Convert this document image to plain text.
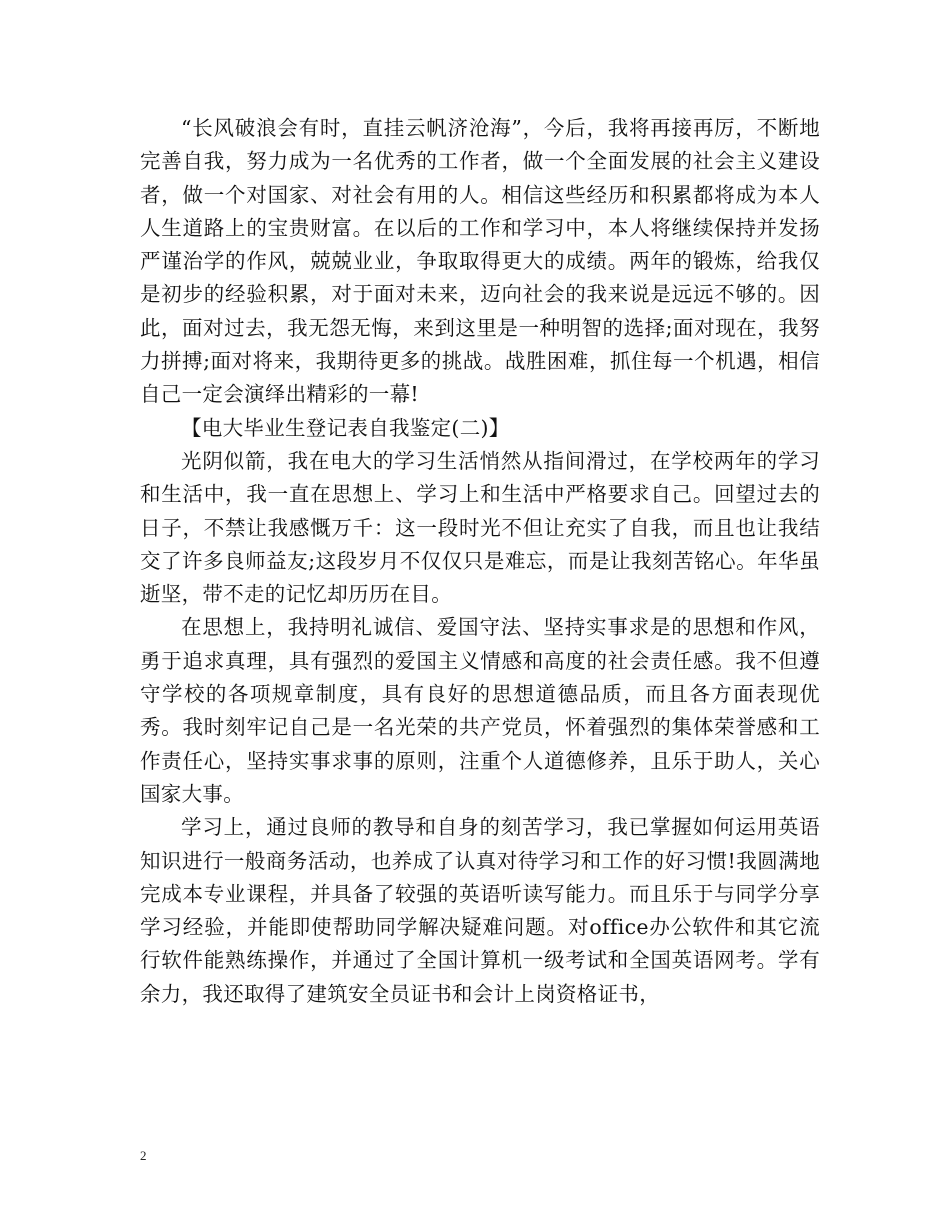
“长风破浪会有时，直挂云帆济沧海”，今后，我将再接再厉，不断地完善自我，努力成为一名优秀的工作者，做一个全面发展的社会主义建设者，做一个对国家、对社会有用的人。相信这些经历和积累都将成为本人人生道路上的宝贵财富。在以后的工作和学习中，本人将继续保持并发扬严谨治学的作风，兢兢业业，争取取得更大的成绩。两年的锻炼，给我仅是初步的经验积累，对于面对未来，迈向社会的我来说是远远不够的。因此，面对过去，我无怨无悔，来到这里是一种明智的选择;面对现在，我努力拼搏;面对将来，我期待更多的挑战。战胜困难，抓住每一个机遇，相信自己一定会演绎出精彩的一幕!

【电大毕业生登记表自我鉴定(二)】

光阴似箭，我在电大的学习生活悄然从指间滑过，在学校两年的学习和生活中，我一直在思想上、学习上和生活中严格要求自己。回望过去的日子，不禁让我感慨万千：这一段时光不但让充实了自我，而且也让我结交了许多良师益友;这段岁月不仅仅只是难忘，而是让我刻苦铭心。年华虽逝坚，带不走的记忆却历历在目。

在思想上，我持明礼诚信、爱国守法、坚持实事求是的思想和作风，勇于追求真理，具有强烈的爱国主义情感和高度的社会责任感。我不但遵守学校的各项规章制度，具有良好的思想道德品质，而且各方面表现优秀。我时刻牢记自己是一名光荣的共产党员，怀着强烈的集体荣誉感和工作责任心，坚持实事求事的原则，注重个人道德修养，且乐于助人，关心国家大事。

学习上，通过良师的教导和自身的刻苦学习，我已掌握如何运用英语知识进行一般商务活动，也养成了认真对待学习和工作的好习惯!我圆满地完成本专业课程，并具备了较强的英语听读写能力。而且乐于与同学分享学习经验，并能即使帮助同学解决疑难问题。对office办公软件和其它流行软件能熟练操作，并通过了全国计算机一级考试和全国英语网考。学有余力，我还取得了建筑安全员证书和会计上岗资格证书，

2
